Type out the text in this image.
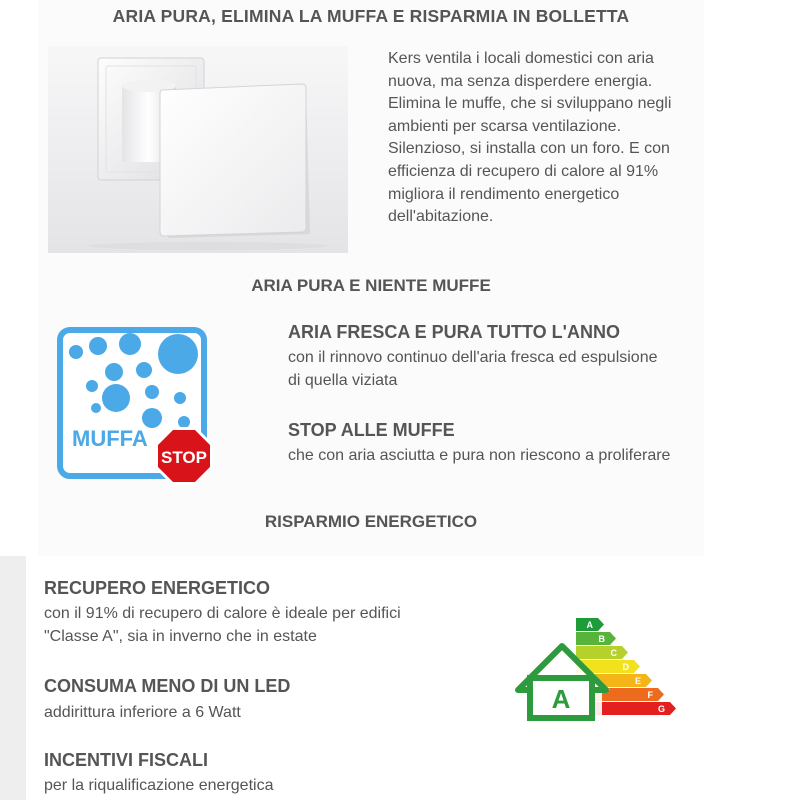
ARIA PURA, ELIMINA LA MUFFA E RISPARMIA IN BOLLETTA
Kers ventila i locali domestici con aria nuova, ma senza disperdere energia. Elimina le muffe, che si sviluppano negli ambienti per scarsa ventilazione. Silenzioso, si installa con un foro. E con efficienza di recupero di calore al 91% migliora il rendimento energetico dell'abitazione.
ARIA PURA E NIENTE MUFFE
MUFFA
STOP
ARIA FRESCA E PURA TUTTO L'ANNO
con il rinnovo continuo dell'aria fresca ed espulsione di quella viziata
STOP ALLE MUFFE
che con aria asciutta e pura non riescono a proliferare
RISPARMIO ENERGETICO
RECUPERO ENERGETICO
con il 91% di recupero di calore è ideale per edifici "Classe A", sia in inverno che in estate
CONSUMA MENO DI UN LED
addirittura inferiore a 6 Watt
INCENTIVI FISCALI
per la riqualificazione energetica
A
B
C
D
E
F
G
A
